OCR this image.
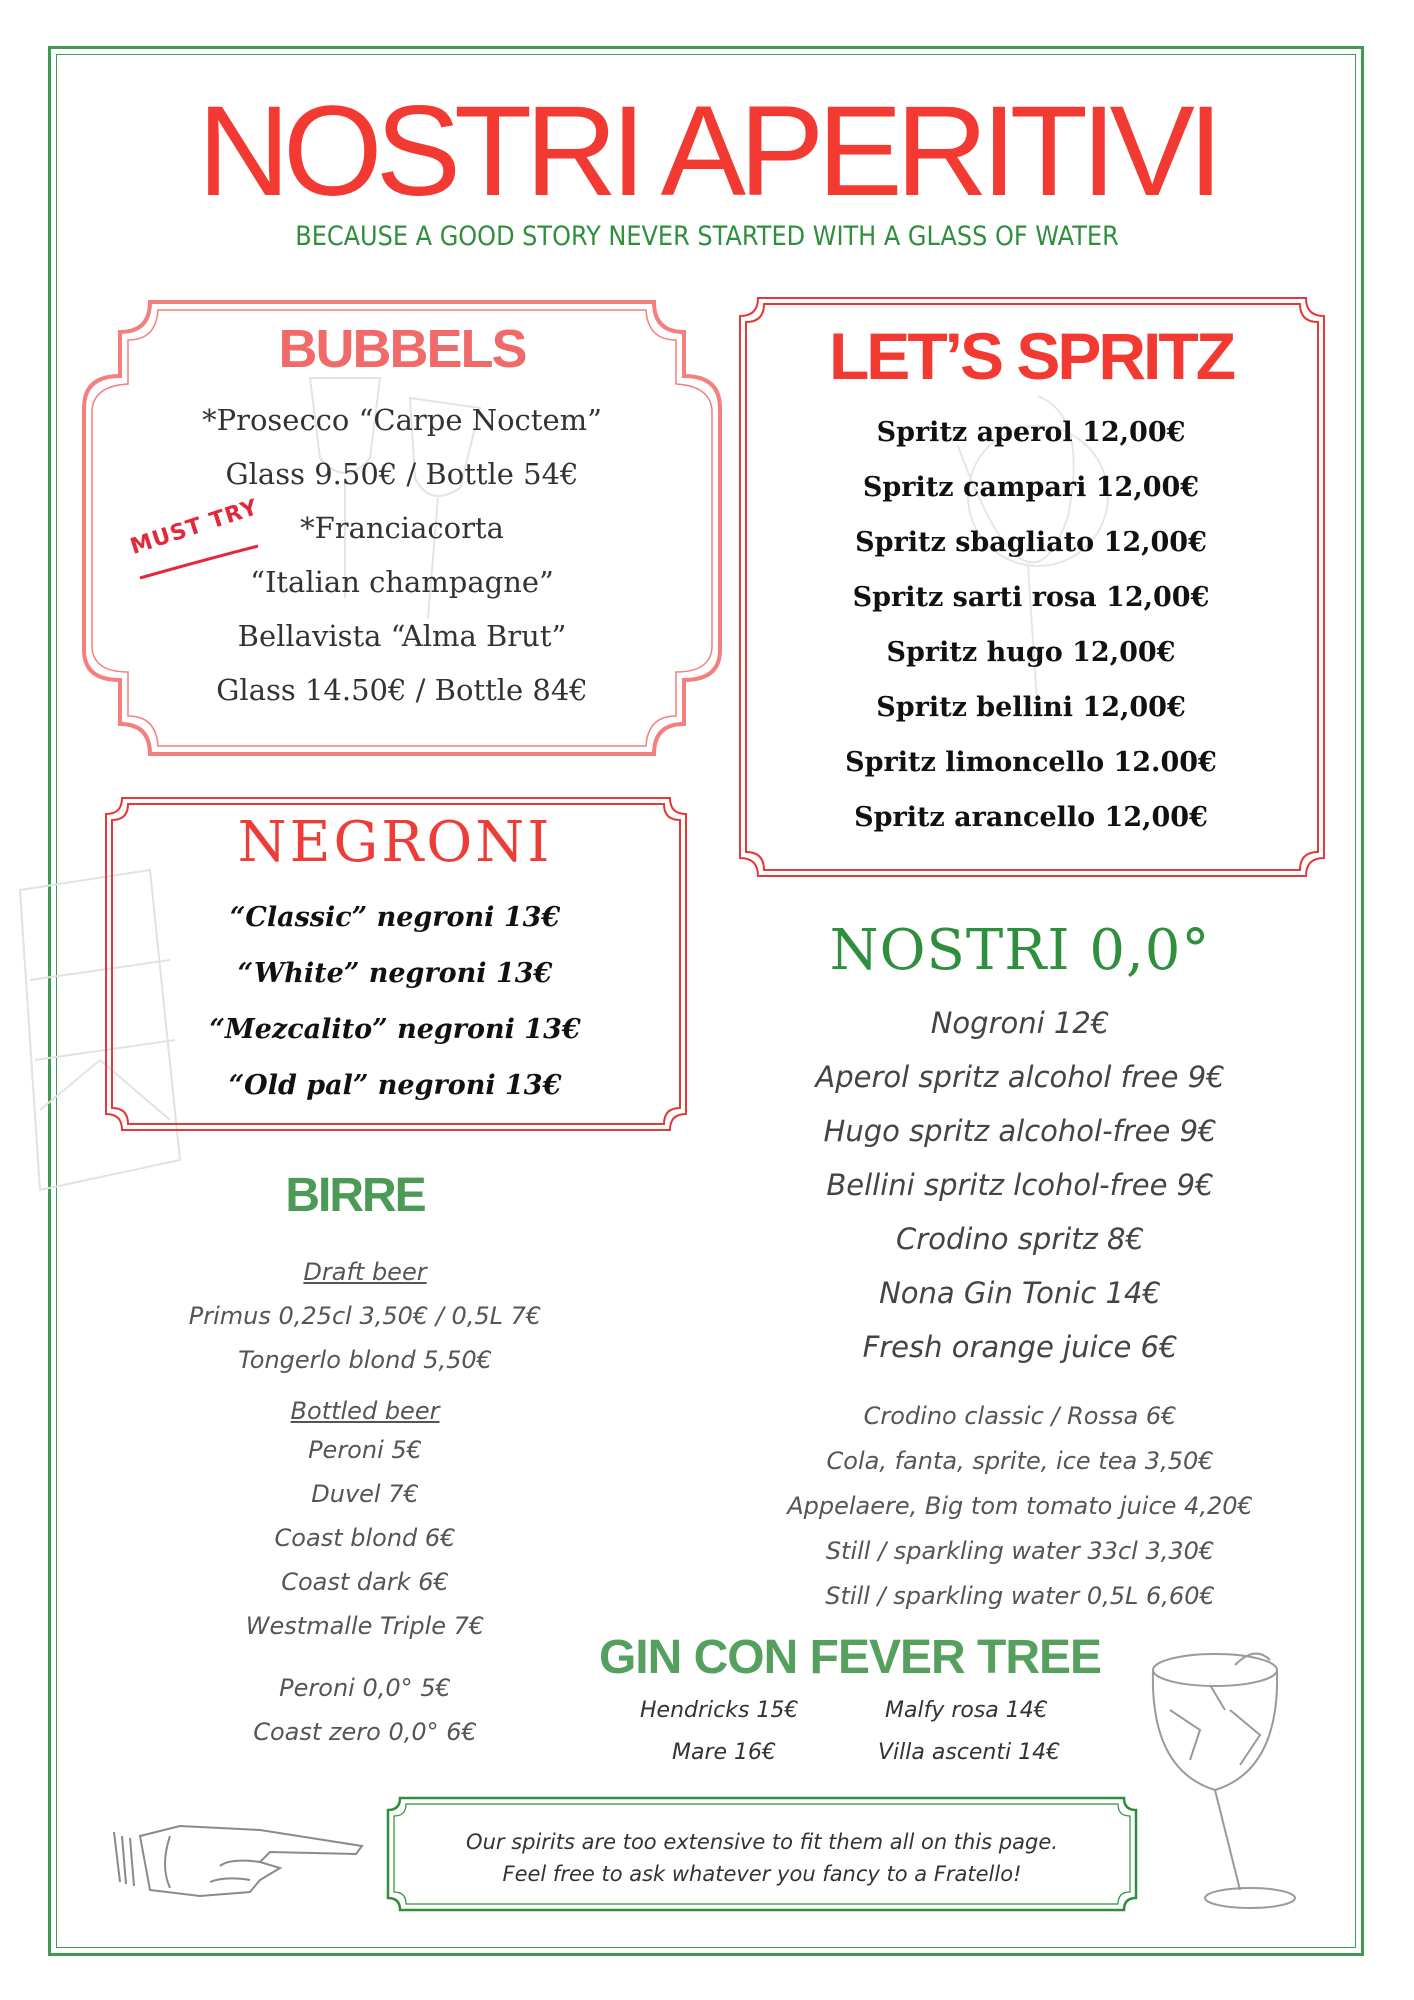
NOSTRI APERITIVI
BECAUSE A GOOD STORY NEVER STARTED WITH A GLASS OF WATER
BUBBELS
*Prosecco “Carpe Noctem”
Glass 9.50€ / Bottle 54€
*Franciacorta
“Italian champagne”
Bellavista “Alma Brut”
Glass 14.50€ / Bottle 84€
MUST TRY
LET’S SPRITZ
Spritz aperol 12,00€
Spritz campari 12,00€
Spritz sbagliato 12,00€
Spritz sarti rosa 12,00€
Spritz hugo 12,00€
Spritz bellini 12,00€
Spritz limoncello 12.00€
Spritz arancello 12,00€
NEGRONI
“Classic” negroni 13€
“White” negroni 13€
“Mezcalito” negroni 13€
“Old pal” negroni 13€
BIRRE
Draft beer
Primus 0,25cl 3,50€ / 0,5L 7€
Tongerlo blond 5,50€
Bottled beer
Peroni 5€
Duvel 7€
Coast blond 6€
Coast dark 6€
Westmalle Triple 7€
Peroni 0,0° 5€
Coast zero 0,0° 6€
NOSTRI 0,0°
Nogroni 12€
Aperol spritz alcohol free 9€
Hugo spritz alcohol-free 9€
Bellini spritz lcohol-free 9€
Crodino spritz 8€
Nona Gin Tonic 14€
Fresh orange juice 6€
Crodino classic / Rossa 6€
Cola, fanta, sprite, ice tea 3,50€
Appelaere, Big tom tomato juice 4,20€
Still / sparkling water 33cl 3,30€
Still / sparkling water 0,5L 6,60€
GIN CON FEVER TREE
Hendricks 15€	Malfy rosa 14€
Mare 16€	Villa ascenti 14€
Our spirits are too extensive to fit them all on this page.
Feel free to ask whatever you fancy to a Fratello!
